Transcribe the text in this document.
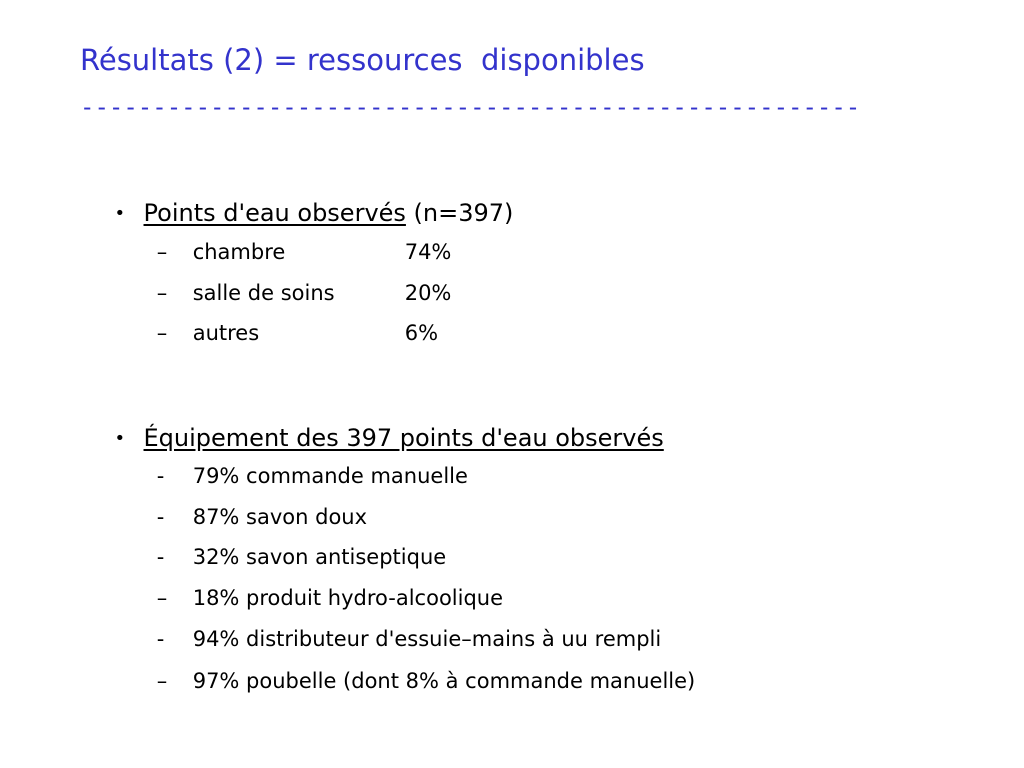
Résultats (2) = ressources  disponibles
------------------------------------------------------

• Points d'eau observés (n=397)

– chambre	74%

– salle de soins	20%

– autres	6%

• Équipement des 397 points d'eau observés

- 79% commande manuelle

- 87% savon doux

- 32% savon antiseptique

– 18% produit hydro-alcoolique

- 94% distributeur d'essuie–mains à uu rempli

– 97% poubelle (dont 8% à commande manuelle)
